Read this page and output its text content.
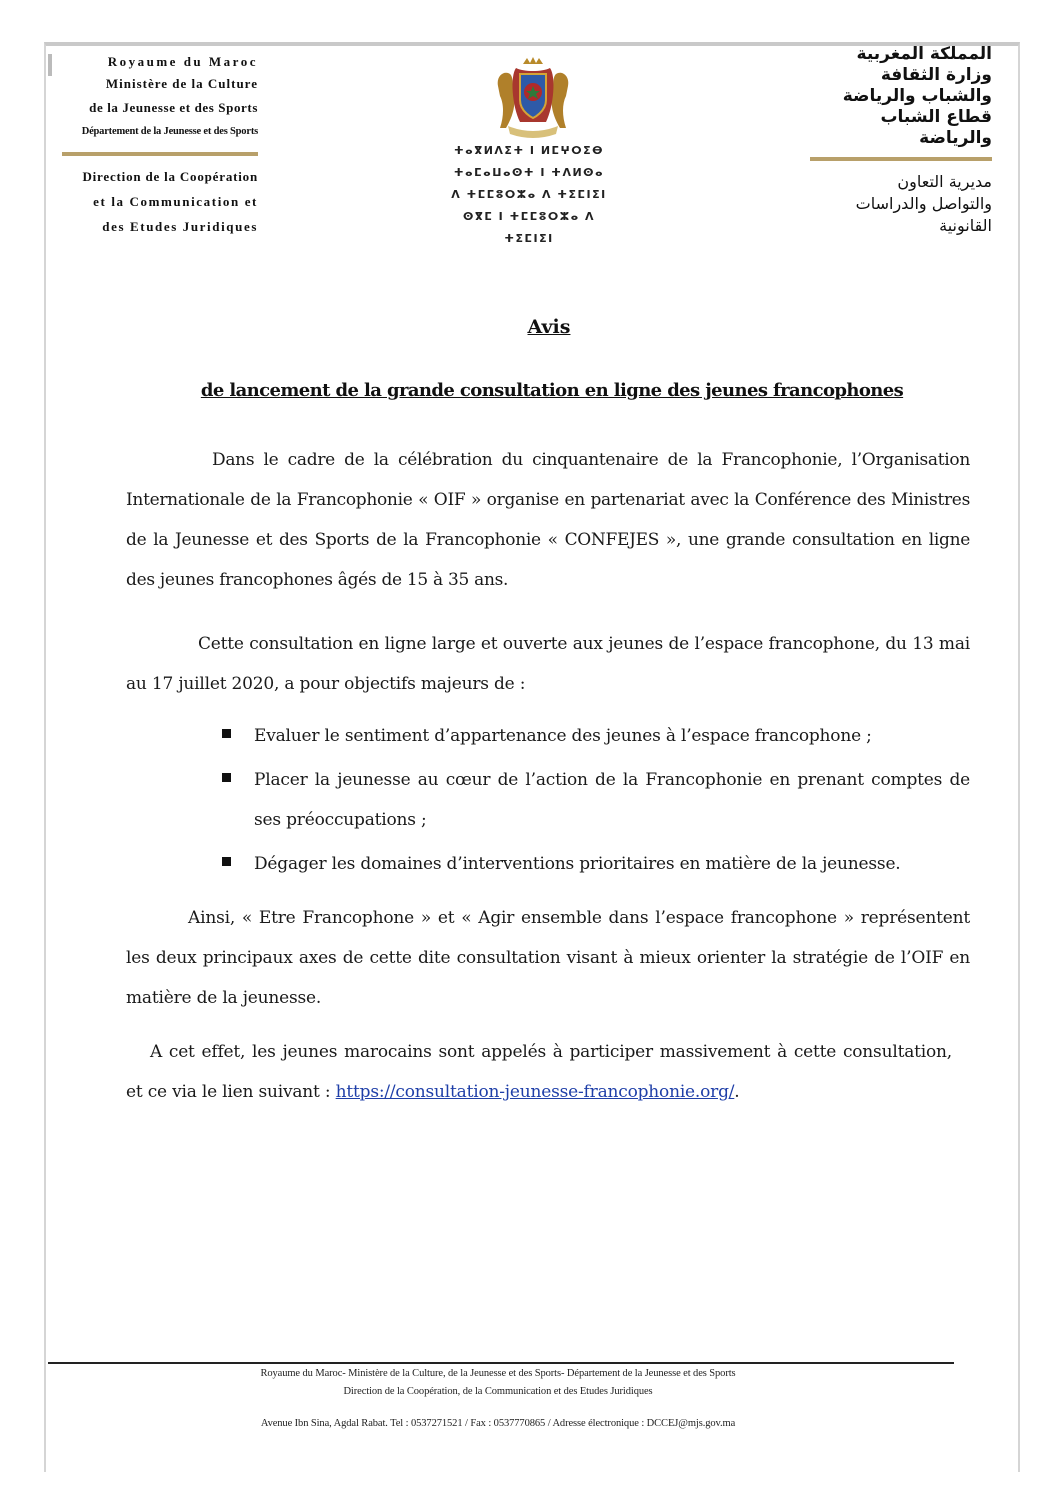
Royaume du Maroc
Ministère de la Culture
de la Jeunesse et des Sports
Département de la Jeunesse et des Sports
Direction de la Coopération
et la Communication et
des Etudes Juridiques
ⵜⴰⴳⵍⴷⵉⵜ ⵏ ⵍⵎⵖⵔⵉⴱ
ⵜⴰⵎⴰⵡⴰⵙⵜ ⵏ ⵜⴷⵍⵙⴰ
ⴷ ⵜⵎⵎⵓⵔⵣⴰ ⴷ ⵜⵉⵎⵏⵉⵏ
ⵙⴳⵎ ⵏ ⵜⵎⵎⵓⵔⵣⴰ ⴷ ⵜⵉⵎⵏⵉⵏ
المملكة المغربية
وزارة الثقافة
والشباب والرياضة
قطاع الشباب والرياضة
مديرية التعاون
والتواصل والدراسات
القانونية
Avis
de lancement de la grande consultation en ligne des jeunes francophones
Dans le cadre de la célébration du cinquantenaire de la Francophonie, l’Organisation Internationale de la Francophonie « OIF » organise en partenariat avec la Conférence des Ministres de la Jeunesse et des Sports de la Francophonie « CONFEJES », une grande consultation en ligne des jeunes francophones âgés de 15 à 35 ans.
Cette consultation en ligne large et ouverte aux jeunes de l’espace francophone, du 13 mai au 17 juillet 2020, a pour objectifs majeurs de :
Evaluer le sentiment d’appartenance des jeunes à l’espace francophone ;
Placer la jeunesse au cœur de l’action de la Francophonie en prenant comptes de ses préoccupations ;
Dégager les domaines d’interventions prioritaires en matière de la jeunesse.
Ainsi, « Etre Francophone » et « Agir ensemble dans l’espace francophone » représentent les deux principaux axes de cette dite consultation visant à mieux orienter la stratégie de l’OIF en matière de la jeunesse.
A cet effet, les jeunes marocains sont appelés à participer massivement à cette consultation, et ce via le lien suivant : https://consultation-jeunesse-francophonie.org/.
Royaume du Maroc- Ministère de la Culture, de la Jeunesse et des Sports- Département de la Jeunesse et des Sports
Direction de la Coopération, de la Communication et des Etudes Juridiques
Avenue Ibn Sina, Agdal Rabat. Tel : 0537271521 / Fax : 0537770865 / Adresse électronique : DCCEJ@mjs.gov.ma
